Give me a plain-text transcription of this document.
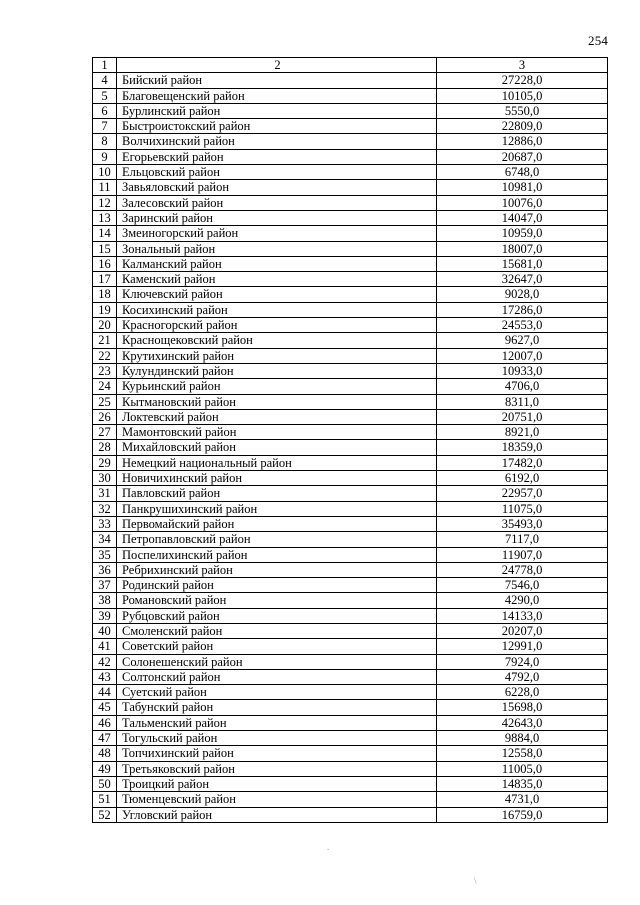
254
1	2	3
4	Бийский район	27228,0
5	Благовещенский район	10105,0
6	Бурлинский район	5550,0
7	Быстроистокский район	22809,0
8	Волчихинский район	12886,0
9	Егорьевский район	20687,0
10	Ельцовский район	6748,0
11	Завьяловский район	10981,0
12	Залесовский район	10076,0
13	Заринский район	14047,0
14	Змеиногорский район	10959,0
15	Зональный район	18007,0
16	Калманский район	15681,0
17	Каменский район	32647,0
18	Ключевский район	9028,0
19	Косихинский район	17286,0
20	Красногорский район	24553,0
21	Краснощековский район	9627,0
22	Крутихинский район	12007,0
23	Кулундинский район	10933,0
24	Курьинский район	4706,0
25	Кытмановский район	8311,0
26	Локтевский район	20751,0
27	Мамонтовский район	8921,0
28	Михайловский район	18359,0
29	Немецкий национальный район	17482,0
30	Новичихинский район	6192,0
31	Павловский район	22957,0
32	Панкрушихинский район	11075,0
33	Первомайский район	35493,0
34	Петропавловский район	7117,0
35	Поспелихинский район	11907,0
36	Ребрихинский район	24778,0
37	Родинский район	7546,0
38	Романовский район	4290,0
39	Рубцовский район	14133,0
40	Смоленский район	20207,0
41	Советский район	12991,0
42	Солонешенский район	7924,0
43	Солтонский район	4792,0
44	Суетский район	6228,0
45	Табунский район	15698,0
46	Тальменский район	42643,0
47	Тогульский район	9884,0
48	Топчихинский район	12558,0
49	Третьяковский район	11005,0
50	Троицкий район	14835,0
51	Тюменцевский район	4731,0
52	Угловский район	16759,0
.
\
